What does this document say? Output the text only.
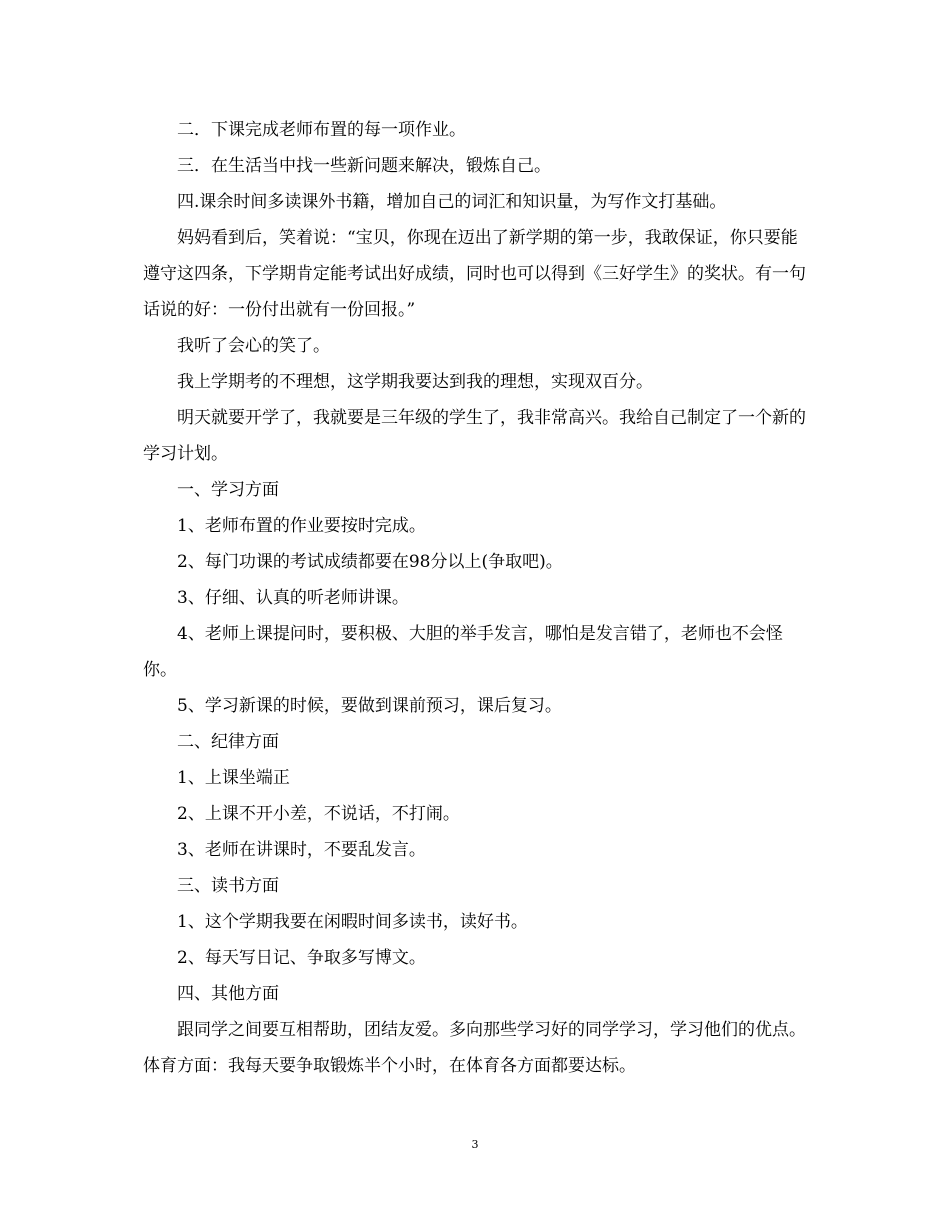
二．下课完成老师布置的每一项作业。

三．在生活当中找一些新问题来解决，锻炼自己。

四.课余时间多读课外书籍，增加自己的词汇和知识量，为写作文打基础。

妈妈看到后，笑着说：“宝贝，你现在迈出了新学期的第一步，我敢保证，你只要能遵守这四条，下学期肯定能考试出好成绩，同时也可以得到《三好学生》的奖状。有一句话说的好：一份付出就有一份回报。”

我听了会心的笑了。

我上学期考的不理想，这学期我要达到我的理想，实现双百分。

明天就要开学了，我就要是三年级的学生了，我非常高兴。我给自己制定了一个新的学习计划。

一、学习方面

1、老师布置的作业要按时完成。

2、每门功课的考试成绩都要在98分以上(争取吧)。

3、仔细、认真的听老师讲课。

4、老师上课提问时，要积极、大胆的举手发言，哪怕是发言错了，老师也不会怪你。

5、学习新课的时候，要做到课前预习，课后复习。

二、纪律方面

1、上课坐端正

2、上课不开小差，不说话，不打闹。

3、老师在讲课时，不要乱发言。

三、读书方面

1、这个学期我要在闲暇时间多读书，读好书。

2、每天写日记、争取多写博文。

四、其他方面

跟同学之间要互相帮助，团结友爱。多向那些学习好的同学学习，学习他们的优点。体育方面：我每天要争取锻炼半个小时，在体育各方面都要达标。

3
